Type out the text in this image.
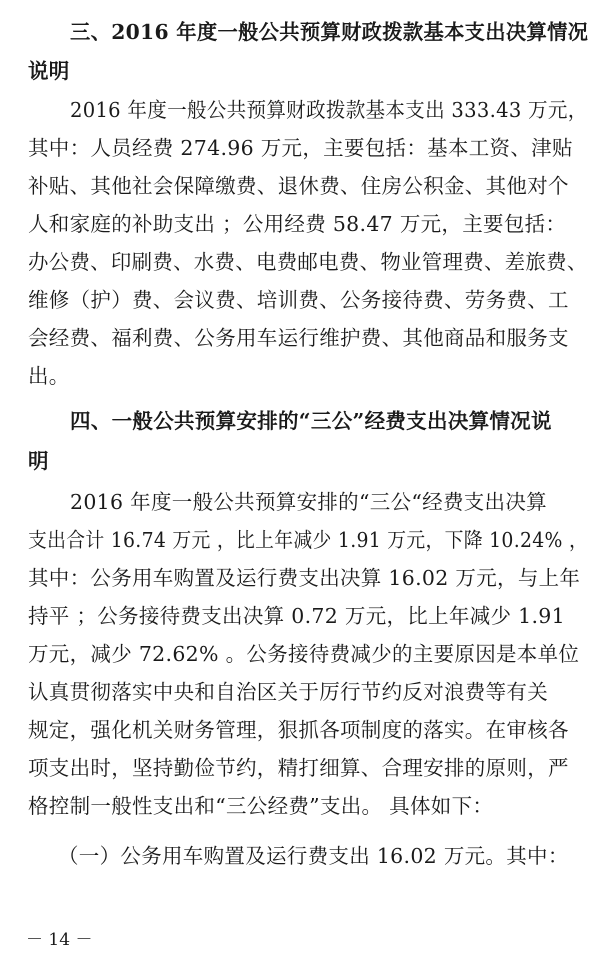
三、2016 年度一般公共预算财政拨款基本支出决算情况
说明
2016 年度一般公共预算财政拨款基本支出 333.43 万元，
其中：人员经费 274.96 万元，主要包括：基本工资、津贴
补贴、其他社会保障缴费、退休费、住房公积金、其他对个
人和家庭的补助支出 ；公用经费 58.47 万元，主要包括：
办公费、印刷费、水费、电费邮电费、物业管理费、差旅费、
维修（护）费、会议费、培训费、公务接待费、劳务费、工
会经费、福利费、公务用车运行维护费、其他商品和服务支
出。
四、一般公共预算安排的“三公”经费支出决算情况说
明
2016 年度一般公共预算安排的“三公“经费支出决算
支出合计 16.74 万元 ，比上年减少 1.91 万元，下降 10.24% ，
其中：公务用车购置及运行费支出决算 16.02 万元，与上年
持平 ；公务接待费支出决算 0.72 万元，比上年减少 1.91
万元，减少 72.62% 。公务接待费减少的主要原因是本单位
认真贯彻落实中央和自治区关于厉行节约反对浪费等有关
规定，强化机关财务管理，狠抓各项制度的落实。在审核各
项支出时，坚持勤俭节约，精打细算、合理安排的原则，严
格控制一般性支出和“三公经费”支出。 具体如下：
（一）公务用车购置及运行费支出 16.02 万元。其中：
－ 14 －
